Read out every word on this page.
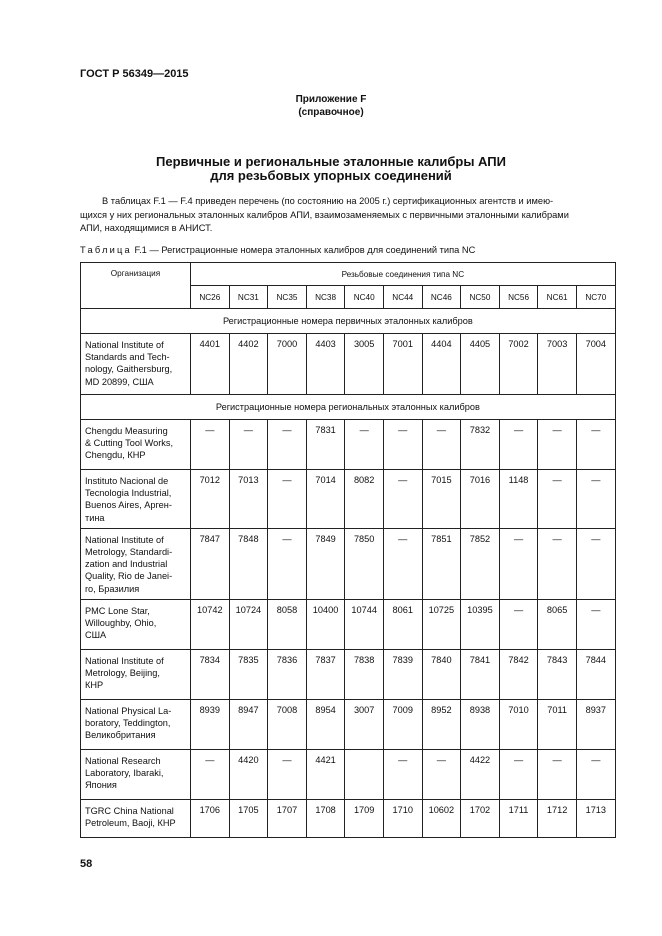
ГОСТ Р 56349—2015
Приложение F
(справочное)
Первичные и региональные эталонные калибры АПИ
для резьбовых упорных соединений
В таблицах F.1 — F.4 приведен перечень (по состоянию на 2005 г.) сертификационных агентств и имею-
щихся у них региональных эталонных калибров АПИ, взаимозаменяемых с первичными эталонными калибрами
АПИ, находящимися в АНИСТ.
Таблица F.1 — Регистрационные номера эталонных калибров для соединений типа NC
Организация	Резьбовые соединения типа NC										
	NC26	NC31	NC35	NC38	NC40	NC44	NC46	NC50	NC56	NC61	NC70
Регистрационные номера первичных эталонных калибров											

National Institute of
Standards and Tech-
nology, Gaithersburg,
MD 20899, США	4401	4402	7000	4403	3005	7001	4404	4405	7002	7003	7004
Регистрационные номера региональных эталонных калибров											

Chengdu Measuring
& Cutting Tool Works,
Chengdu, КНР	—	—	—	7831	—	—	—	7832	—	—	—

Instituto Nacional de
Tecnologia Industrial,
Buenos Aires, Арген-
тина	7012	7013	—	7014	8082	—	7015	7016	1148	—	—

National Institute of
Metrology, Standardi-
zation and Industrial
Quality, Rio de Janei-
ro, Бразилия	7847	7848	—	7849	7850	—	7851	7852	—	—	—

PMC Lone Star,
Willoughby, Ohio,
США	10742	10724	8058	10400	10744	8061	10725	10395	—	8065	—

National Institute of
Metrology, Beijing,
КНР	7834	7835	7836	7837	7838	7839	7840	7841	7842	7843	7844

National Physical La-
boratory, Teddington,
Великобритания	8939	8947	7008	8954	3007	7009	8952	8938	7010	7011	8937

National Research
Laboratory, Ibaraki,
Япония	—	4420	—	4421		—	—	4422	—	—	—

TGRC China National
Petroleum, Baoji, КНР	1706	1705	1707	1708	1709	1710	10602	1702	1711	1712	1713
58
